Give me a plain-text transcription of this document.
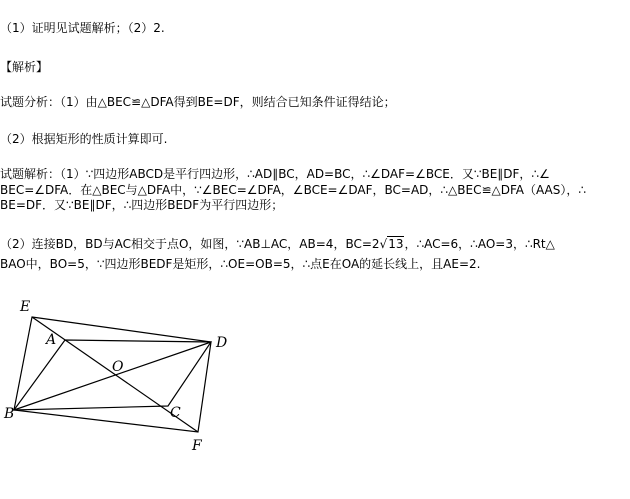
（1）证明见试题解析；（2）2.
【解析】
试题分析：（1）由△BEC≌△DFA得到BE=DF，则结合已知条件证得结论；
（2）根据矩形的性质计算即可.
试题解析：（1）∵四边形ABCD是平行四边形，∴AD∥BC，AD=BC，∴∠DAF=∠BCE．又∵BE∥DF，∴∠
BEC=∠DFA．在△BEC与△DFA中，∵∠BEC=∠DFA，∠BCE=∠DAF，BC=AD，∴△BEC≌△DFA（AAS），∴
BE=DF．又∵BE∥DF，∴四边形BEDF为平行四边形；
（2）连接BD，BD与AC相交于点O，如图，∵AB⊥AC，AB=4，BC=2√13，∴AC=6，∴AO=3，∴Rt△
BAO中，BO=5，∵四边形BEDF是矩形，∴OE=OB=5，∴点E在OA的延长线上，且AE=2.
E
A
O
D
B	C
F
